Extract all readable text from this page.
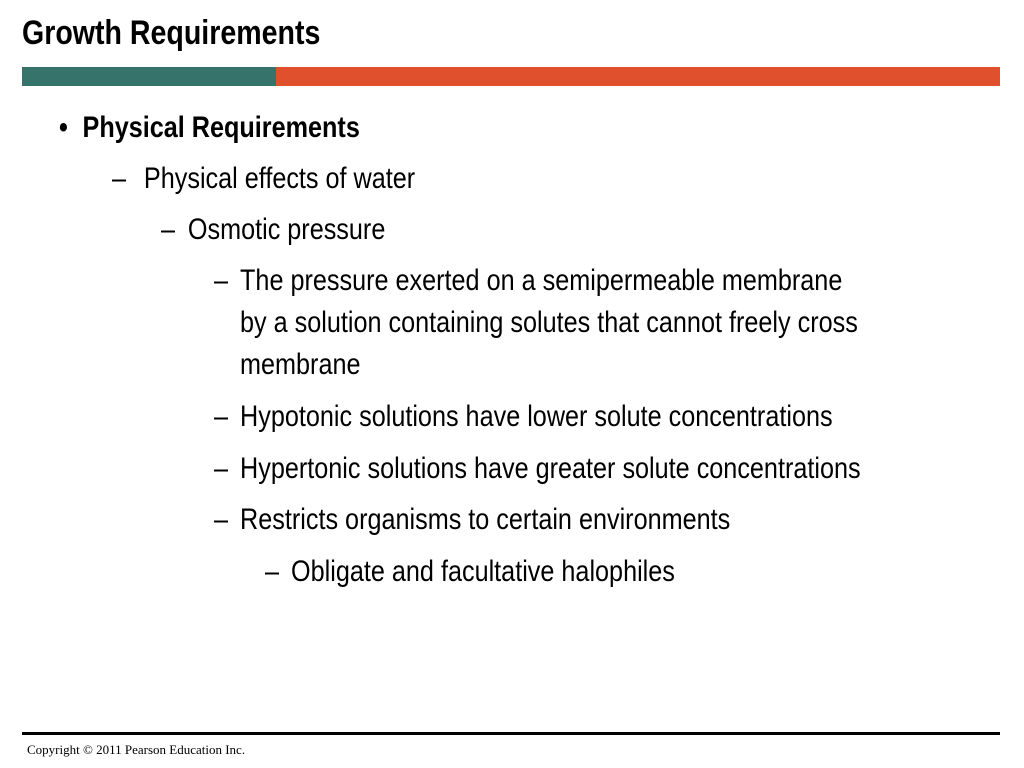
Growth Requirements
• Physical Requirements
– Physical effects of water
– Osmotic pressure
– The pressure exerted on a semipermeable membrane
by a solution containing solutes that cannot freely cross
membrane
– Hypotonic solutions have lower solute concentrations
– Hypertonic solutions have greater solute concentrations
– Restricts organisms to certain environments
– Obligate and facultative halophiles
Copyright © 2011 Pearson Education Inc.
